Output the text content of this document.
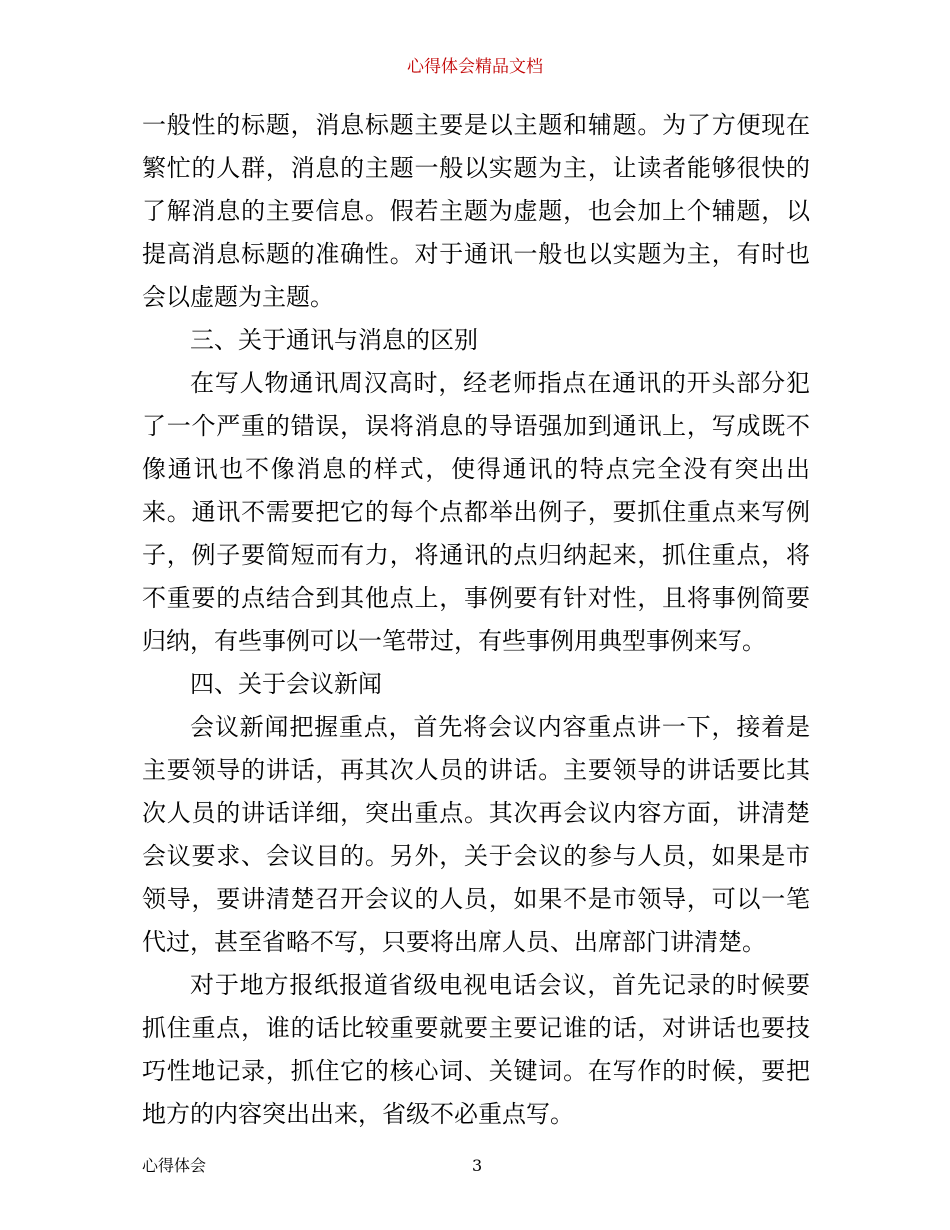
心得体会精品文档
一般性的标题，消息标题主要是以主题和辅题。为了方便现在
繁忙的人群，消息的主题一般以实题为主，让读者能够很快的
了解消息的主要信息。假若主题为虚题，也会加上个辅题，以
提高消息标题的准确性。对于通讯一般也以实题为主，有时也
会以虚题为主题。
三、关于通讯与消息的区别
在写人物通讯周汉高时，经老师指点在通讯的开头部分犯
了一个严重的错误，误将消息的导语强加到通讯上，写成既不
像通讯也不像消息的样式，使得通讯的特点完全没有突出出
来。通讯不需要把它的每个点都举出例子，要抓住重点来写例
子，例子要简短而有力，将通讯的点归纳起来，抓住重点，将
不重要的点结合到其他点上，事例要有针对性，且将事例简要
归纳，有些事例可以一笔带过，有些事例用典型事例来写。
四、关于会议新闻
会议新闻把握重点，首先将会议内容重点讲一下，接着是
主要领导的讲话，再其次人员的讲话。主要领导的讲话要比其
次人员的讲话详细，突出重点。其次再会议内容方面，讲清楚
会议要求、会议目的。另外，关于会议的参与人员，如果是市
领导，要讲清楚召开会议的人员，如果不是市领导，可以一笔
代过，甚至省略不写，只要将出席人员、出席部门讲清楚。
对于地方报纸报道省级电视电话会议，首先记录的时候要
抓住重点，谁的话比较重要就要主要记谁的话，对讲话也要技
巧性地记录，抓住它的核心词、关键词。在写作的时候，要把
地方的内容突出出来，省级不必重点写。
心得体会	3
